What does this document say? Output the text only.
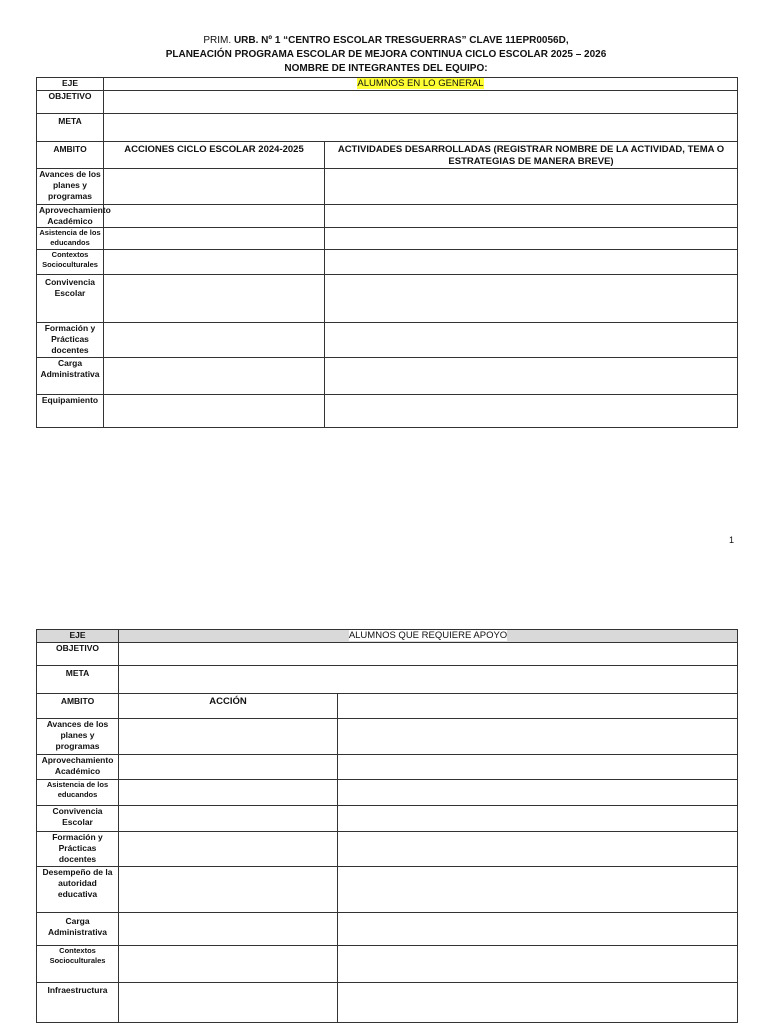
PRIM. URB. Nº 1 “CENTRO ESCOLAR TRESGUERRAS” CLAVE 11EPR0056D,
PLANEACIÓN PROGRAMA ESCOLAR DE MEJORA CONTINUA CICLO ESCOLAR 2025 – 2026
NOMBRE DE INTEGRANTES DEL EQUIPO:
EJE	ALUMNOS EN LO GENERAL	
OBJETIVO		
META		
AMBITO	ACCIONES CICLO ESCOLAR 2024-2025	ACTIVIDADES DESARROLLADAS (REGISTRAR NOMBRE DE LA ACTIVIDAD, TEMA O ESTRATEGIAS DE MANERA BREVE)
Avances de los planes y programas		
Aprovechamiento Académico		
Asistencia de los educandos		
Contextos Socioculturales		
Convivencia Escolar		
Formación y Prácticas docentes		
Carga Administrativa		
Equipamiento		
1
EJE	ALUMNOS QUE REQUIERE APOYO	
OBJETIVO		
META		
AMBITO	ACCIÓN	
Avances de los planes y programas		
Aprovechamiento Académico		
Asistencia de los educandos		
Convivencia Escolar		
Formación y Prácticas docentes		
Desempeño de la autoridad educativa		
Carga Administrativa		
Contextos Socioculturales		
Infraestructura		
